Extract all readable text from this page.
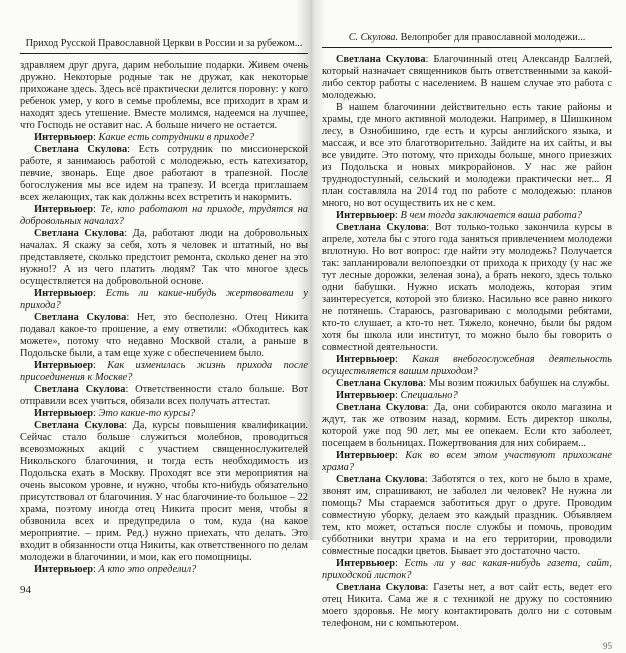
Приход Русской Православной Церкви в России и за рубежом...

здравляем друг друга, дарим небольшие подарки. Живем очень дружно. Некоторые родные так не дружат, как некоторые прихожане здесь. Здесь всё практически делится поровну: у кого ребенок умер, у кого в семье проблемы, все приходит в храм и находят здесь утешение. Вместе молимся, надеемся на лучшее, что Господь не оставит нас. А больше ничего не остается.

Интервьюер: Какие есть сотрудники в приходе?

Светлана Скулова: Есть сотрудник по миссионерской работе, я занимаюсь работой с молодежью, есть катехизатор, певчие, звонарь. Еще двое работают в трапезной. После богослужения мы все идем на трапезу. И всегда приглашаем всех желающих, так как должны всех встретить и накормить.

Интервьюер: Те, кто работают на приходе, трудятся на добровольных началах?

Светлана Скулова: Да, работают люди на добровольных началах. Я скажу за себя, хоть я человек и штатный, но вы представляете, сколько предстоит ремонта, сколько денег на это нужно!? А из чего платить людям? Так что многое здесь осуществляется на добровольной основе.

Интервьюер: Есть ли какие-нибудь жертвователи у прихода?

Светлана Скулова: Нет, это бесполезно. Отец Никита подавал какое-то прошение, а ему ответили: «Обходитесь как можете», потому что недавно Москвой стали, а раньше в Подольске были, а там еще хуже с обеспечением было.

Интервьюер: Как изменилась жизнь прихода после присоединения к Москве?

Светлана Скулова: Ответственности стало больше. Вот отправили всех учиться, обязали всех получать аттестат.

Интервьюер: Это какие-то курсы?

Светлана Скулова: Да, курсы повышения квалификации. Сейчас стало больше служиться молебнов, проводиться всевозможных акций с участием священнослужителей Никольского благочиния, и тогда есть необходимость из Подольска ехать в Москву. Проходят все эти мероприятия на очень высоком уровне, и нужно, чтобы кто-нибудь обязательно присутствовал от благочиния. У нас благочиние-то большое – 22 храма, поэтому иногда отец Никита просит меня, чтобы я обзвонила всех и предупредила о том, куда (на какое мероприятие. – прим. Ред.) нужно приехать, что делать. Это входит в обязанности отца Никиты, как ответственного по делам молодежи в благочинии, и мои, как его помощницы.

Интервьюер: А кто это определил?

94
С. Скулова. Велопробег для православной молодежи...

Светлана Скулова: Благочинный отец Александр Балглей, который назначает священников быть ответственными за какой-либо сектор работы с населением. В нашем случае это работа с молодежью.

В нашем благочинии действительно есть такие районы и храмы, где много активной молодежи. Например, в Шишкином лесу, в Ознобишино, где есть и курсы английского языка, и массаж, и все это благотворительно. Зайдите на их сайты, и вы все увидите. Это потому, что приходы больше, много приезжих из Подольска и новых микрорайонов. У нас же район труднодоступный, сельский и молодежи практически нет... Я план составляла на 2014 год по работе с молодежью: планов много, но вот осуществить их не с кем.

Интервьюер: В чем тогда заключается ваша работа?

Светлана Скулова: Вот только-только закончила курсы в апреле, хотела бы с этого года заняться привлечением молодежи вплотную. Но вот вопрос: где найти эту молодежь? Получается так: запланировали велопоездки от прихода к приходу (у нас же тут лесные дорожки, зеленая зона), а брать некого, здесь только одни бабушки. Нужно искать молодежь, которая этим заинтересуется, которой это близко. Насильно все равно никого не потянешь. Стараюсь, разговариваю с молодыми ребятами, кто-то слушает, а кто-то нет. Тяжело, конечно, были бы рядом хотя бы школа или институт, то можно было бы говорить о совместной деятельности.

Интервьюер: Какая внебогослужебная деятельность осуществляется вашим приходом?

Светлана Скулова: Мы возим пожилых бабушек на службы.

Интервьюер: Специально?

Светлана Скулова: Да, они собираются около магазина и ждут, так же отвозим назад, кормим. Есть директор школы, которой уже под 90 лет, мы ее опекаем. Если кто заболеет, посещаем в больницах. Пожертвования для них собираем...

Интервьюер: Как во всем этом участвуют прихожане храма?

Светлана Скулова: Заботятся о тех, кого не было в храме, звонят им, спрашивают, не заболел ли человек? Не нужна ли помощь? Мы стараемся заботиться друг о друге. Проводим совместную уборку, делаем это каждый праздник. Объявляем тем, кто может, остаться после службы и помочь, проводим субботники внутри храма и на его территории, проводили совместные посадки цветов. Бывает это достаточно часто.

Интервьюер: Есть ли у вас какая-нибудь газета, сайт, приходской листок?

Светлана Скулова: Газеты нет, а вот сайт есть, ведет его отец Никита. Сама же я с техникой не дружу по состоянию моего здоровья. Не могу контактировать долго ни с сотовым телефоном, ни с компьютером.

95
